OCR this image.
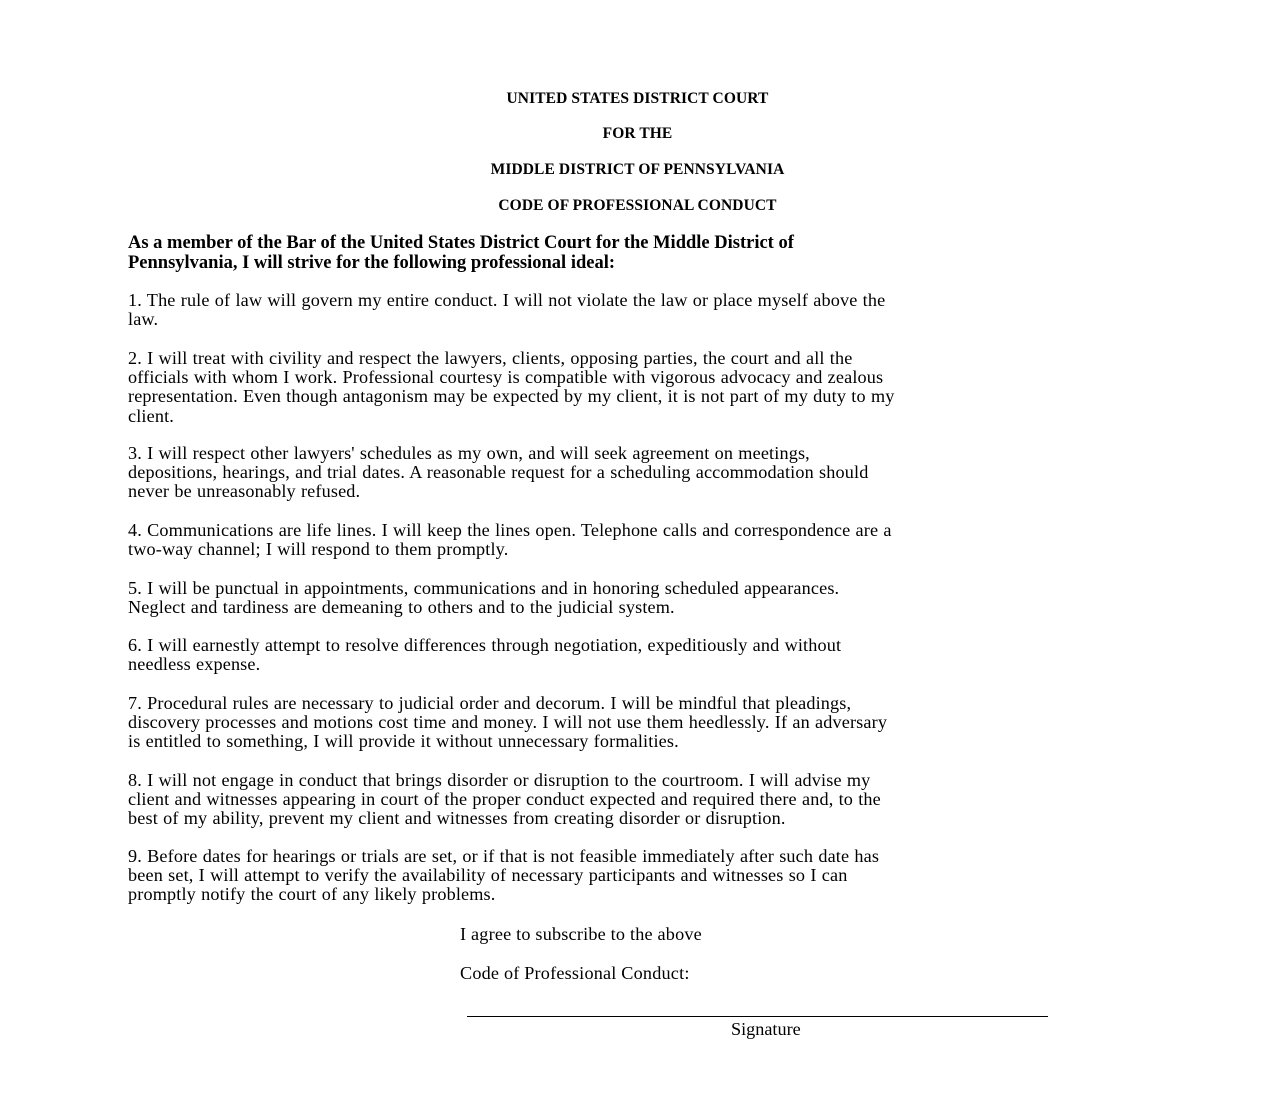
UNITED STATES DISTRICT COURT
FOR THE
MIDDLE DISTRICT OF PENNSYLVANIA
CODE OF PROFESSIONAL CONDUCT
As a member of the Bar of the United States District Court for the Middle District of
Pennsylvania, I will strive for the following professional ideal:
1. The rule of law will govern my entire conduct. I will not violate the law or place myself above the
law.
2. I will treat with civility and respect the lawyers, clients, opposing parties, the court and all the
officials with whom I work. Professional courtesy is compatible with vigorous advocacy and zealous
representation. Even though antagonism may be expected by my client, it is not part of my duty to my
client.
3. I will respect other lawyers' schedules as my own, and will seek agreement on meetings,
depositions, hearings, and trial dates. A reasonable request for a scheduling accommodation should
never be unreasonably refused.
4. Communications are life lines. I will keep the lines open. Telephone calls and correspondence are a
two-way channel; I will respond to them promptly.
5. I will be punctual in appointments, communications and in honoring scheduled appearances.
Neglect and tardiness are demeaning to others and to the judicial system.
6. I will earnestly attempt to resolve differences through negotiation, expeditiously and without
needless expense.
7. Procedural rules are necessary to judicial order and decorum. I will be mindful that pleadings,
discovery processes and motions cost time and money. I will not use them heedlessly. If an adversary
is entitled to something, I will provide it without unnecessary formalities.
8. I will not engage in conduct that brings disorder or disruption to the courtroom. I will advise my
client and witnesses appearing in court of the proper conduct expected and required there and, to the
best of my ability, prevent my client and witnesses from creating disorder or disruption.
9. Before dates for hearings or trials are set, or if that is not feasible immediately after such date has
been set, I will attempt to verify the availability of necessary participants and witnesses so I can
promptly notify the court of any likely problems.
I agree to subscribe to the above
Code of Professional Conduct:
Signature
